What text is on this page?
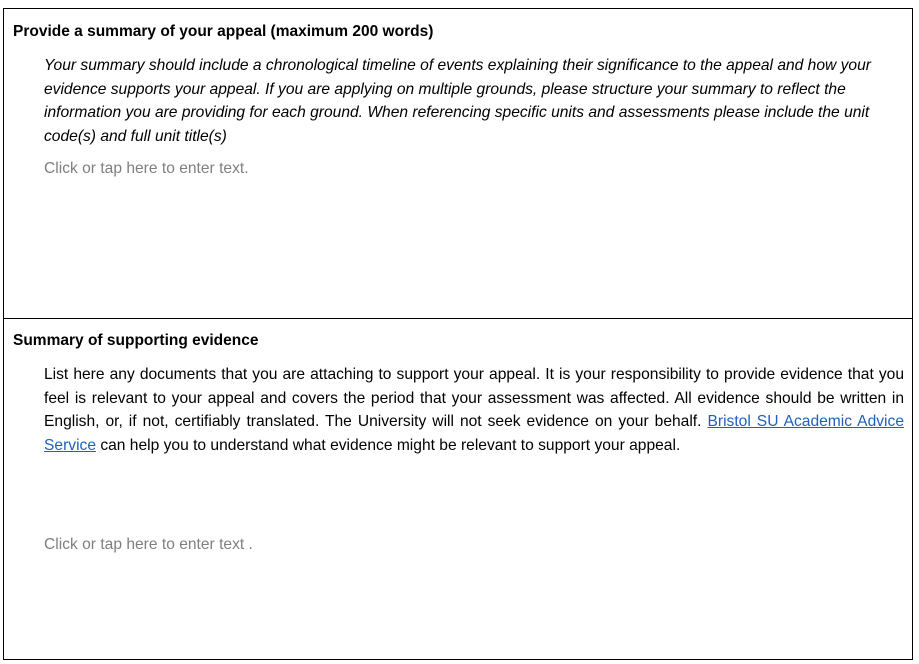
Provide a summary of your appeal (maximum 200 words)
Your summary should include a chronological timeline of events explaining their significance to the appeal and how your evidence supports your appeal. If you are applying on multiple grounds, please structure your summary to reflect the information you are providing for each ground. When referencing specific units and assessments please include the unit code(s) and full unit title(s)
Click or tap here to enter text.
Summary of supporting evidence
List here any documents that you are attaching to support your appeal. It is your responsibility to provide evidence that you feel is relevant to your appeal and covers the period that your assessment was affected. All evidence should be written in English, or, if not, certifiably translated. The University will not seek evidence on your behalf. Bristol SU Academic Advice Service can help you to understand what evidence might be relevant to support your appeal.
Click or tap here to enter text .
